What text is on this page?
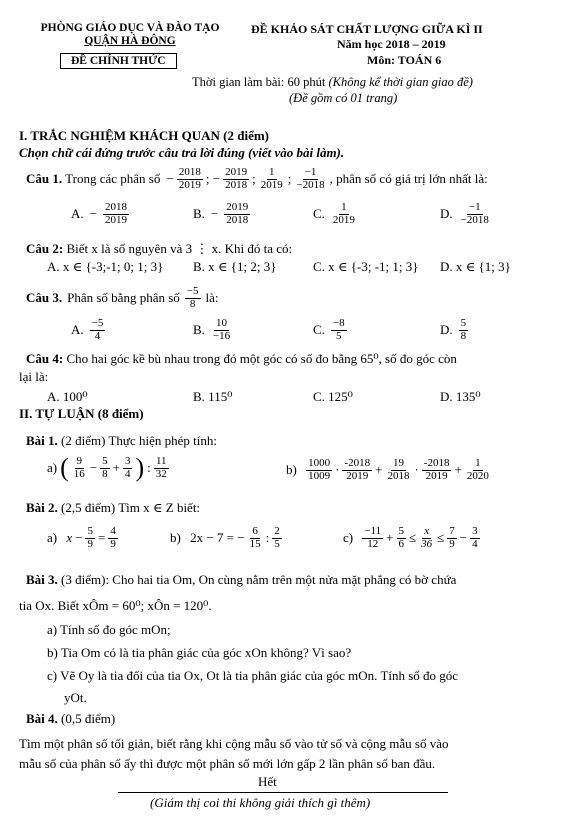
PHÒNG GIÁO DỤC VÀ ĐÀO TẠO
QUẬN HÀ ĐÔNG
ĐỀ CHÍNH THỨC
ĐỀ KHẢO SÁT CHẤT LƯỢNG GIỮA KÌ II
Năm học 2018 – 2019
Môn: TOÁN 6
Thời gian làm bài: 60 phút (Không kể thời gian giao đề)
(Đề gồm có 01 trang)
I. TRẮC NGHIỆM KHÁCH QUAN (2 điểm)
Chọn chữ cái đứng trước câu trả lời đúng (viết vào bài làm).
Câu 1. Trong các phân số − $\frac{2018}{2019}$ ; − $\frac{2019}{2018}$ ; $\frac{1}{2019}$ ; $\frac{-1}{-2018}$ , phân số có giá trị lớn nhất là:
A. − $\frac{2018}{2019}$	B. − $\frac{2019}{2018}$	C. $\frac{1}{2019}$	D. $\frac{-1}{-2018}$
Câu 2: Biết x là số nguyên và 3 ⋮ x. Khi đó ta có:
A. x ∈ {-3;-1; 0; 1; 3} B. x ∈ {1; 2; 3}	C. x ∈ {-3; -1; 1; 3} D. x ∈ {1; 3}
Câu 3. Phân số bằng phân số $\frac{-5}{8}$ là:
A. $\frac{-5}{4}$	B. $\frac{10}{-16}$	C. $\frac{-8}{5}$	D. $\frac{5}{8}$
Câu 4: Cho hai góc kề bù nhau trong đó một góc có số đo bằng 65⁰, số đo góc còn
lại là:
A. 100⁰	B. 115⁰	C. 125⁰	D. 135⁰
II. TỰ LUẬN (8 điểm)
Bài 1. (2 điểm) Thực hiện phép tính:
a) ( $\frac{9}{16} - \frac{5}{8} + \frac{3}{4}$ ) : $\frac{11}{32}$	b)
$\frac{1000}{1009} \cdot \frac{-2018}{2019} + \frac{19}{2018} \cdot \frac{-2018}{2019} + \frac{1}{2020}$
Bài 2. (2,5 điểm) Tìm x ∈ Z biết:
a)
$x - \frac{5}{9} = \frac{4}{9}$	b)
2x − 7 = − $\frac{6}{15}$ : $\frac{2}{5}$	c)
$\frac{-11}{12} + \frac{5}{6} \le \frac{x}{36} \le \frac{7}{9} - \frac{3}{4}$
Bài 3. (3 điểm): Cho hai tia Om, On cùng nằm trên một nửa mặt phẳng có bờ chứa
tia Ox. Biết xÔm = 60⁰; xÔn = 120⁰.
a) Tính số đo góc mOn;
b) Tia Om có là tia phân giác của góc xOn không? Vì sao?
c) Vẽ Oy là tia đối của tia Ox, Ot là tia phân giác của góc mOn. Tính số đo góc
yOt.
Bài 4. (0,5 điểm)
Tìm một phân số tối giản, biết rằng khi cộng mẫu số vào tử số và cộng mẫu số vào
mẫu số của phân số ấy thì được một phân số mới lớn gấp 2 lần phân số ban đầu.
Hết
(Giám thị coi thi không giải thích gì thêm)
